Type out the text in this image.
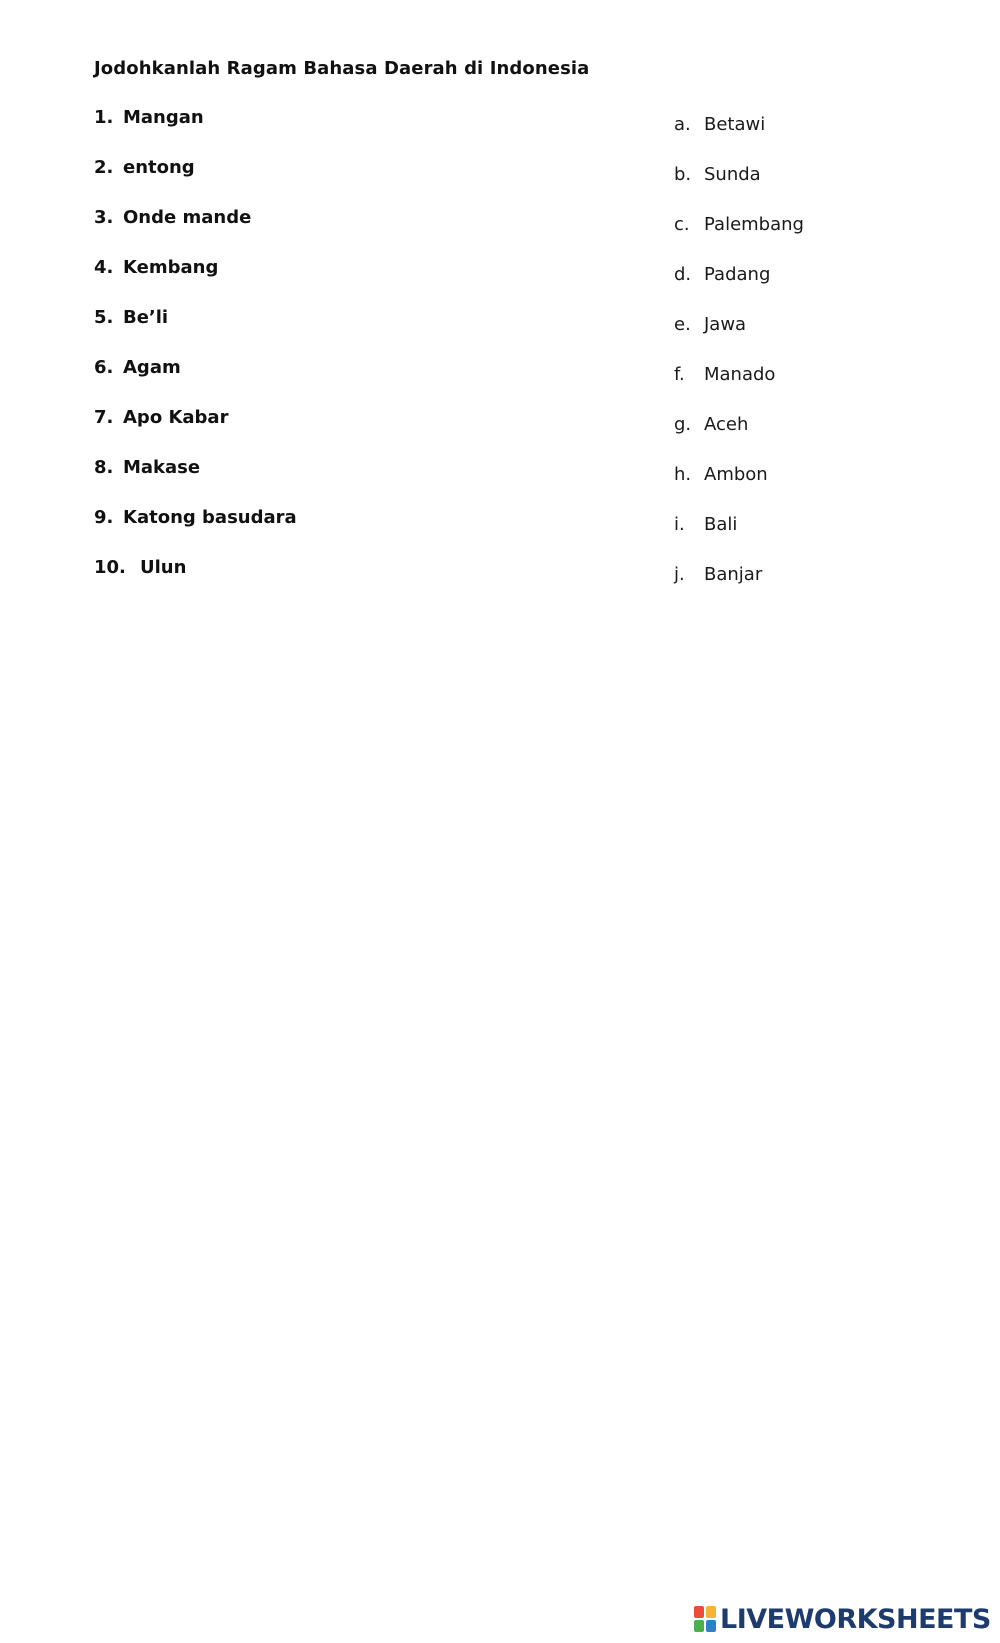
Jodohkanlah Ragam Bahasa Daerah di Indonesia
1. Mangan
2. entong
3. Onde mande
4. Kembang
5. Be’li
6. Agam
7. Apo Kabar
8. Makase
9. Katong basudara
10. Ulun
a. Betawi
b. Sunda
c. Palembang
d. Padang
e. Jawa
f. Manado
g. Aceh
h. Ambon
i. Bali
j. Banjar
LIVEWORKSHEETS
